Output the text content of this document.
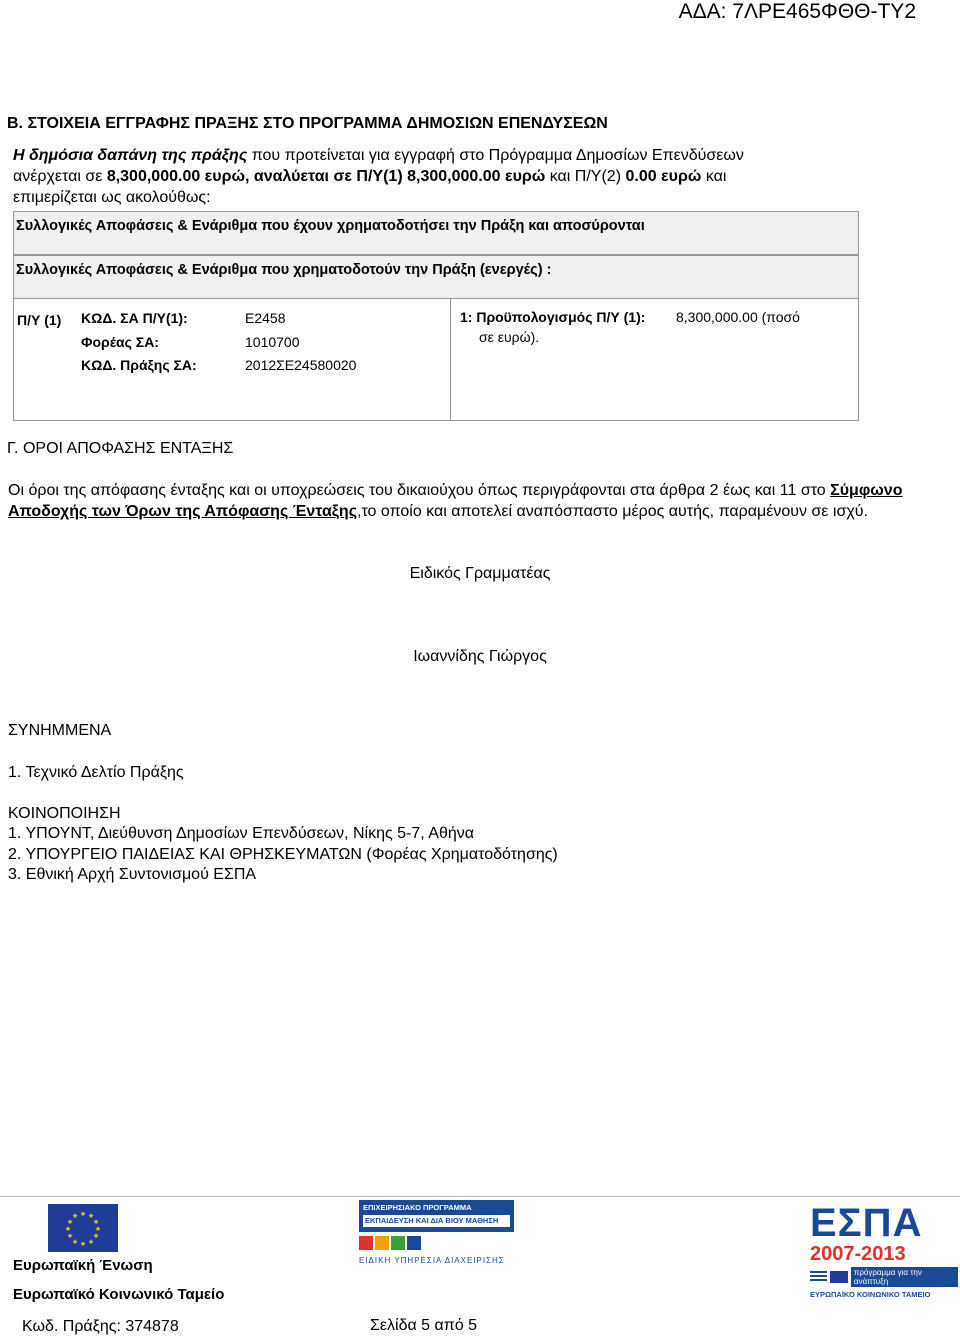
ΑΔΑ: 7ΛΡΕ465ΦΘΘ-ΤΥ2
Β. ΣΤΟΙΧΕΙΑ ΕΓΓΡΑΦΗΣ ΠΡΑΞΗΣ ΣΤΟ ΠΡΟΓΡΑΜΜΑ ΔΗΜΟΣΙΩΝ ΕΠΕΝΔΥΣΕΩΝ
Η δημόσια δαπάνη της πράξης που προτείνεται για εγγραφή στο Πρόγραμμα Δημοσίων Επενδύσεων ανέρχεται σε 8,300,000.00 ευρώ, αναλύεται σε Π/Υ(1) 8,300,000.00 ευρώ και Π/Υ(2) 0.00 ευρώ και επιμερίζεται ως ακολούθως:
Συλλογικές Αποφάσεις & Ενάριθμα που έχουν χρηματοδοτήσει την Πράξη και αποσύρονται
Συλλογικές Αποφάσεις & Ενάριθμα που χρηματοδοτούν την Πράξη (ενεργές) :
Π/Υ (1) ΚΩΔ. ΣΑ Π/Υ(1):	Ε2458
Φορέας ΣΑ:	1010700
ΚΩΔ. Πράξης ΣΑ:	2012ΣΕ24580020
1: Προϋπολογισμός Π/Υ (1): 8,300,000.00 (ποσό
σε ευρώ).
Γ. ΟΡΟΙ ΑΠΟΦΑΣΗΣ ΕΝΤΑΞΗΣ
Οι όροι της απόφασης ένταξης και οι υποχρεώσεις του δικαιούχου όπως περιγράφονται στα άρθρα 2 έως και 11 στο Σύμφωνο Αποδοχής των Όρων της Απόφασης Ένταξης,το οποίο και αποτελεί αναπόσπαστο μέρος αυτής, παραμένουν σε ισχύ.
Ειδικός Γραμματέας
Ιωαννίδης Γιώργος
ΣΥΝΗΜΜΕΝΑ
1. Τεχνικό Δελτίο Πράξης
ΚΟΙΝΟΠΟΙΗΣΗ
1. ΥΠΟΥΝΤ, Διεύθυνση Δημοσίων Επενδύσεων, Νίκης 5-7, Αθήνα
2. ΥΠΟΥΡΓΕΙΟ ΠΑΙΔΕΙΑΣ ΚΑΙ ΘΡΗΣΚΕΥΜΑΤΩΝ (Φορέας Χρηματοδότησης)
3. Εθνική Αρχή Συντονισμού ΕΣΠΑ
★ ★
★
★
★
★
★
★
★
★
★
★
Ευρωπαϊκή Ένωση
Ευρωπαϊκό Κοινωνικό Ταμείο
ΕΠΙΧΕΙΡΗΣΙΑΚΟ ΠΡΟΓΡΑΜΜΑ
ΕΚΠΑΙΔΕΥΣΗ ΚΑΙ ΔΙΑ ΒΙΟΥ ΜΑΘΗΣΗ
ΕΙΔΙΚΗ ΥΠΗΡΕΣΙΑ ΔΙΑΧΕΙΡΙΣΗΣ
ΕΣΠΑ
2007-2013
πρόγραμμα για την ανάπτυξη
ΕΥΡΩΠΑΪΚΟ ΚΟΙΝΩΝΙΚΟ ΤΑΜΕΙΟ
Κωδ. Πράξης: 374878	Σελίδα 5 από 5
